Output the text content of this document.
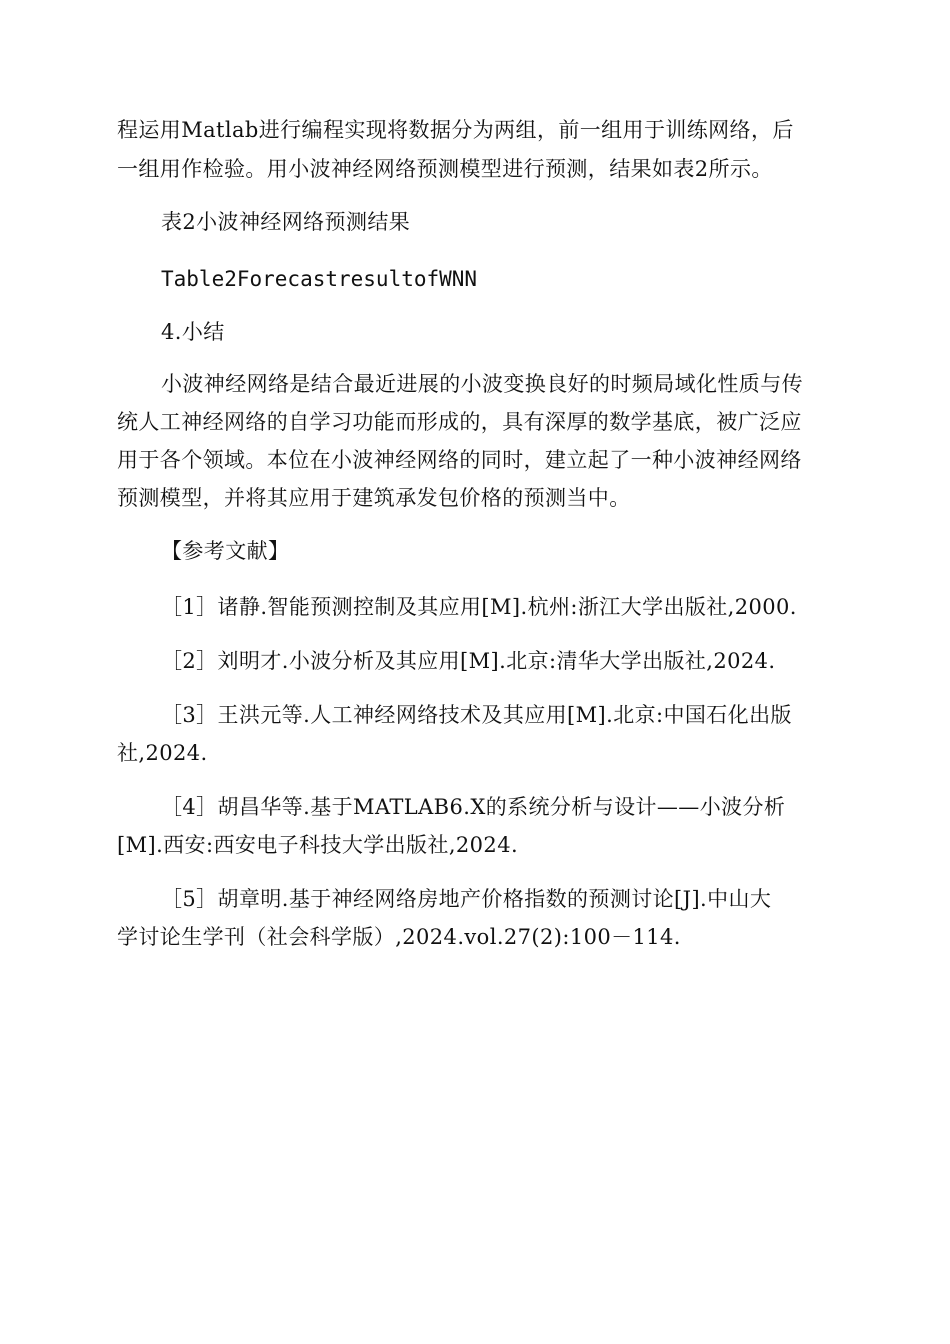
程运用Matlab进行编程实现将数据分为两组，前一组用于训练网络，后
一组用作检验。用小波神经网络预测模型进行预测，结果如表2所示。
表2小波神经网络预测结果
Table2ForecastresultofWNN
4.小结
小波神经网络是结合最近进展的小波变换良好的时频局域化性质与传
统人工神经网络的自学习功能而形成的，具有深厚的数学基底，被广泛应
用于各个领域。本位在小波神经网络的同时，建立起了一种小波神经网络
预测模型，并将其应用于建筑承发包价格的预测当中。
【参考文献】
［1］诸静.智能预测控制及其应用[M].杭州:浙江大学出版社,2000.
［2］刘明才.小波分析及其应用[M].北京:清华大学出版社,2024.
［3］王洪元等.人工神经网络技术及其应用[M].北京:中国石化出版
社,2024.
［4］胡昌华等.基于MATLAB6.X的系统分析与设计——小波分析
[M].西安:西安电子科技大学出版社,2024.
［5］胡章明.基于神经网络房地产价格指数的预测讨论[J].中山大
学讨论生学刊（社会科学版）,2024.vol.27(2):100－114.
